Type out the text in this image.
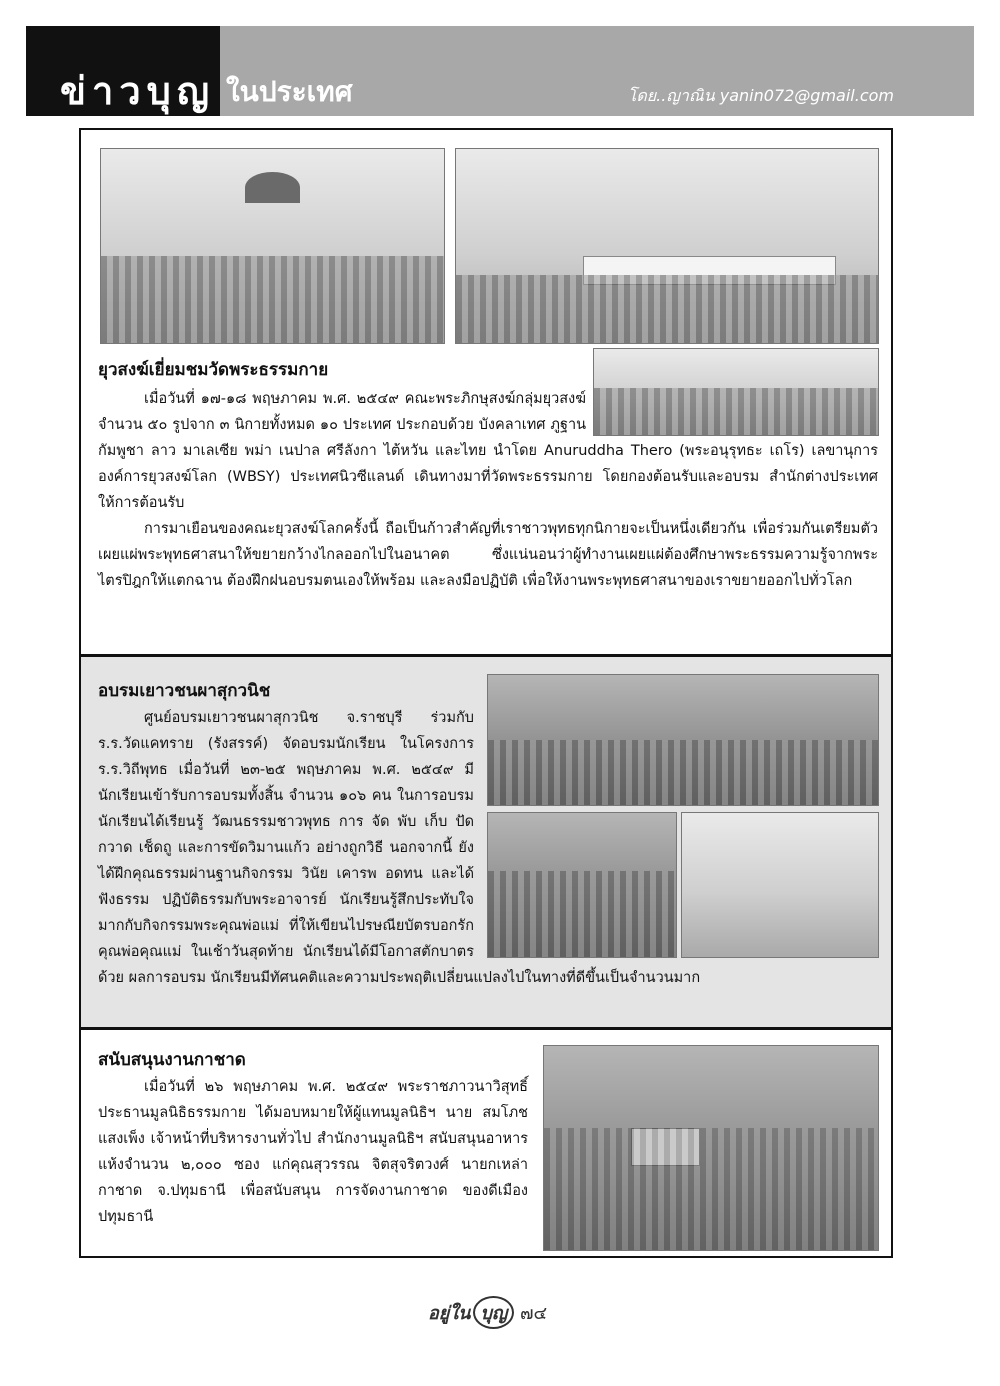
ข่าวบุญ ในประเทศ	โดย..ญาณิน yanin072@gmail.com
ยุวสงฆ์เยี่ยมชมวัดพระธรรมกาย

เมื่อวันที่ ๑๗-๑๘ พฤษภาคม พ.ศ. ๒๕๔๙ คณะพระภิกษุสงฆ์กลุ่มยุวสงฆ์จำนวน ๕๐ รูปจาก ๓ นิกายทั้งหมด ๑๐ ประเทศ ประกอบด้วย บังคลาเทศ ภูฐาน กัมพูชา ลาว มาเลเซีย พม่า เนปาล ศรีลังกา ไต้หวัน และไทย นำโดย Anuruddha Thero (พระอนุรุทธะ เถโร) เลขานุการองค์การยุวสงฆ์โลก (WBSY) ประเทศนิวซีแลนด์ เดินทางมาที่วัดพระธรรมกาย โดยกองต้อนรับและอบรม สำนักต่างประเทศให้การต้อนรับ

การมาเยือนของคณะยุวสงฆ์โลกครั้งนี้ ถือเป็นก้าวสำคัญที่เราชาวพุทธทุกนิกายจะเป็นหนึ่งเดียวกัน เพื่อร่วมกันเตรียมตัวเผยแผ่พระพุทธศาสนาให้ขยายกว้างไกลออกไปในอนาคต ซึ่งแน่นอนว่าผู้ทำงานเผยแผ่ต้องศึกษาพระธรรมความรู้จากพระไตรปิฎกให้แตกฉาน ต้องฝึกฝนอบรมตนเองให้พร้อม และลงมือปฏิบัติ เพื่อให้งานพระพุทธศาสนาของเราขยายออกไปทั่วโลก

อบรมเยาวชนผาสุกวนิช

ศูนย์อบรมเยาวชนผาสุกวนิช จ.ราชบุรี ร่วมกับ ร.ร.วัดแคทราย (รังสรรค์) จัดอบรมนักเรียน ในโครงการ ร.ร.วิถีพุทธ เมื่อวันที่ ๒๓-๒๕ พฤษภาคม พ.ศ. ๒๕๔๙ มีนักเรียนเข้ารับการอบรมทั้งสิ้น จำนวน ๑๐๖ คน ในการอบรม นักเรียนได้เรียนรู้ วัฒนธรรมชาวพุทธ การ จัด พับ เก็บ ปัดกวาด เช็ดถู และการขัดวิมานแก้ว อย่างถูกวิธี นอกจากนี้ ยังได้ฝึกคุณธรรมผ่านฐานกิจกรรม วินัย เคารพ อดทน และได้ฟังธรรม ปฏิบัติธรรมกับพระอาจารย์ นักเรียนรู้สึกประทับใจมากกับกิจกรรมพระคุณพ่อแม่ ที่ให้เขียนไปรษณียบัตรบอกรักคุณพ่อคุณแม่ ในเช้าวันสุดท้าย นักเรียนได้มีโอกาสตักบาตรด้วย ผลการอบรม นักเรียนมีทัศนคติและความประพฤติเปลี่ยนแปลงไปในทางที่ดีขึ้นเป็นจำนวนมาก

สนับสนุนงานกาชาด

เมื่อวันที่ ๒๖ พฤษภาคม พ.ศ. ๒๕๔๙ พระราชภาวนาวิสุทธิ์ ประธานมูลนิธิธรรมกาย ได้มอบหมายให้ผู้แทนมูลนิธิฯ นาย สมโภช แสงเพ็ง เจ้าหน้าที่บริหารงานทั่วไป สำนักงานมูลนิธิฯ สนับสนุนอาหารแห้งจำนวน ๒,๐๐๐ ซอง แก่คุณสุวรรณ จิตสุจริตวงศ์ นายกเหล่ากาชาด จ.ปทุมธานี เพื่อสนับสนุน การจัดงานกาชาด ของดีเมืองปทุมธานี

อยู่ใน บุญ ๗๔
